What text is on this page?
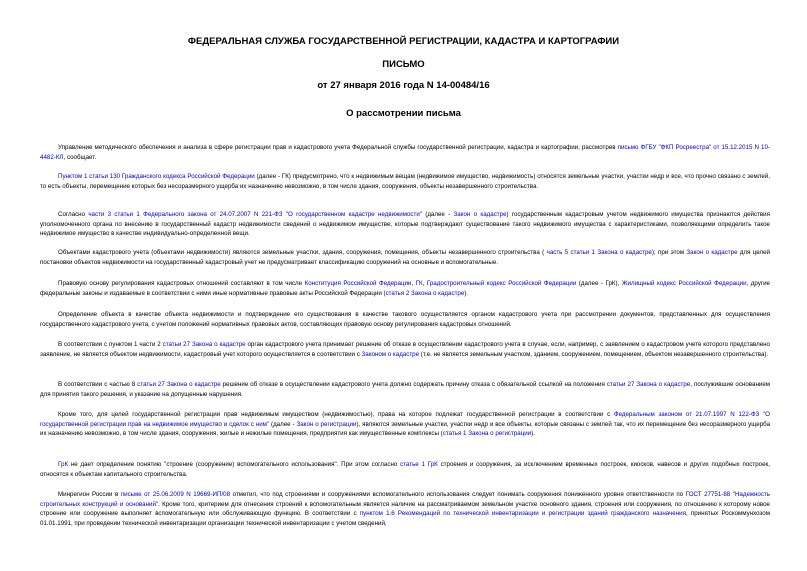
ФЕДЕРАЛЬНАЯ СЛУЖБА ГОСУДАРСТВЕННОЙ РЕГИСТРАЦИИ, КАДАСТРА И КАРТОГРАФИИ
ПИСЬМО
от 27 января 2016 года N 14-00484/16
О рассмотрении письма

Управление методического обеспечения и анализа в сфере регистрации прав и кадастрового учета Федеральной службы государственной регистрации, кадастра и картографии, рассмотрев письмо ФГБУ "ФКП Росреестра" от 15.12.2015 N 10-4482-КЛ, сообщает.

Пунктом 1 статьи 130 Гражданского кодекса Российской Федерации (далее - ГК) предусмотрено, что к недвижимым вещам (недвижимое имущество, недвижимость) относятся земельные участки, участки недр и все, что прочно связано с землей, то есть объекты, перемещение которых без несоразмерного ущерба их назначению невозможно, в том числе здания, сооружения, объекты незавершенного строительства.

Согласно части 3 статьи 1 Федерального закона от 24.07.2007 N 221-ФЗ "О государственном кадастре недвижимости" (далее - Закон о кадастре) государственным кадастровым учетом недвижимого имущества признаются действия уполномоченного органа по внесению в государственный кадастр недвижимости сведений о недвижимом имуществе, которые подтверждают существование такого недвижимого имущества с характеристиками, позволяющими определить такое недвижимое имущество в качестве индивидуально-определенной вещи.

Объектами кадастрового учета (объектами недвижимости) являются земельные участки, здания, сооружения, помещения, объекты незавершенного строительства ( часть 5 статьи 1 Закона о кадастре); при этом Закон о кадастре для целей постановки объектов недвижимости на государственный кадастровый учет не предусматривает классификацию сооружений на основные и вспомогательные.

Правовую основу регулирования кадастровых отношений составляют в том числе Конституция Российской Федерации, ГК, Градостроительный кодекс Российской Федерации (далее - ГрК), Жилищный кодекс Российской Федерации, другие федеральные законы и издаваемые в соответствии с ними иные нормативные правовые акты Российской Федерации (статья 2 Закона о кадастре).

Определение объекта в качестве объекта недвижимости и подтверждение его существования в качестве такового осуществляется органом кадастрового учета при рассмотрении документов, представленных для осуществления государственного кадастрового учета, с учетом положений нормативных правовых актов, составляющих правовую основу регулирования кадастровых отношений.

В соответствии с пунктом 1 части 2 статьи 27 Закона о кадастре орган кадастрового учета принимает решение об отказе в осуществлении кадастрового учета в случае, если, например, с заявлением о кадастровом учете которого представлено заявление, не является объектом недвижимости, кадастровый учет которого осуществляется в соответствии с Законом о кадастре (т.е. не является земельным участком, зданием, сооружением, помещением, объектом незавершенного строительства).

В соответствии с частью 8 статьи 27 Закона о кадастре решение об отказе в осуществлении кадастрового учета должно содержать причину отказа с обязательной ссылкой на положения статьи 27 Закона о кадастре, послужившие основанием для принятия такого решения, и указание на допущенные нарушения.

Кроме того, для целей государственной регистрации прав недвижимым имуществом (недвижимостью), права на которое подлежат государственной регистрации в соответствии с Федеральным законом от 21.07.1997 N 122-ФЗ "О государственной регистрации прав на недвижимое имущество и сделок с ним" (далее - Закон о регистрации), являются земельные участки, участки недр и все объекты, которые связаны с землей так, что их перемещение без несоразмерного ущерба их назначению невозможно, в том числе здания, сооружения, жилые и нежилые помещения, предприятия как имущественные комплексы (статья 1 Закона о регистрации).

ГрК не дает определение понятию "строение (сооружение) вспомогательного использования". При этом согласно статье 1 ГрК строения и сооружения, за исключением временных построек, киосков, навесов и других подобных построек, относятся к объектам капитального строительства.

Минрегион России в письме от 25.06.2009 N 19669-ИП/08 отметил, что под строениями и сооружениями вспомогательного использования следует понимать сооружения пониженного уровня ответственности по ГОСТ 27751-88 "Надежность строительных конструкций и оснований". Кроме того, критерием для отнесения строений к вспомогательным является наличие на рассматриваемом земельном участке основного здания, строения или сооружения, по отношению к которому новое строение или сооружение выполняет вспомогательную или обслуживающую функцию. В соответствии с пунктом 1.6 Рекомендаций по технической инвентаризации и регистрации зданий гражданского назначения, принятых Роскоммунхозом 01.01.1991, при проведении технической инвентаризации организации технической инвентаризации с учетом сведений,
